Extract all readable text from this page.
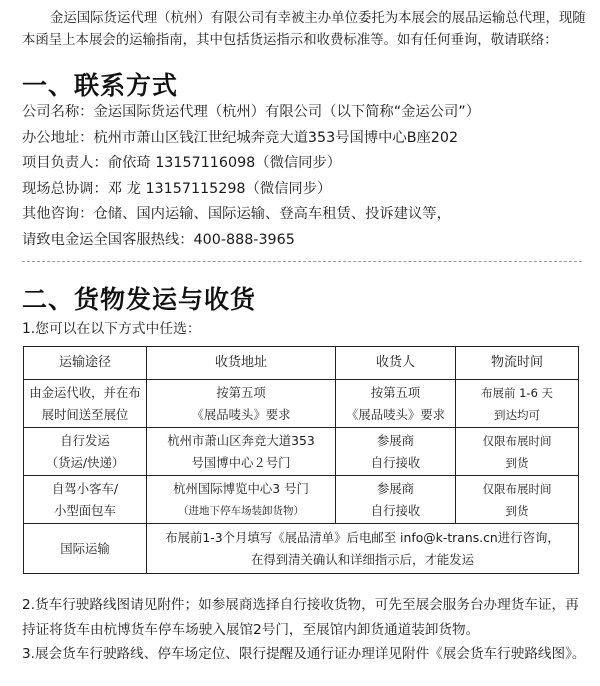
金运国际货运代理（杭州）有限公司有幸被主办单位委托为本展会的展品运输总代理，现随本函呈上本展会的运输指南，其中包括货运指示和收费标准等。如有任何垂询，敬请联络：
一、联系方式
公司名称：金运国际货运代理（杭州）有限公司（以下简称“金运公司”）
办公地址：杭州市萧山区钱江世纪城奔竞大道353号国博中心B座202
项目负责人：俞依琦 13157116098（微信同步）
现场总协调：邓 龙 13157115298（微信同步）
其他咨询：仓储、国内运输、国际运输、登高车租赁、投诉建议等，
请致电金运全国客服热线：400-888-3965
二、货物发运与收货
1.您可以在以下方式中任选：
运输途径	收货地址	收货人	物流时间

由金运代收，并在布
展时间送至展位	按第五项
《展品唛头》要求	按第五项
《展品唛头》要求	布展前 1-6 天
到达均可

自行发运
（货运/快递）	杭州市萧山区奔竞大道353
号国博中心２号门	参展商
自行接收	仅限布展时间
到货

自驾小客车/
小型面包车	杭州国际博览中心3 号门
（进地下停车场装卸货物）	参展商
自行接收	仅限布展时间
到货

国际运输	布展前1-3个月填写《展品清单》后电邮至 info@k-trans.cn进行咨询，
在得到清关确认和详细指示后，才能发运		
2.货车行驶路线图请见附件；如参展商选择自行接收货物，可先至展会服务台办理货车证，再持证将货车由杭博货车停车场驶入展馆2号门，至展馆内卸货通道装卸货物。
3.展会货车行驶路线、停车场定位、限行提醒及通行证办理详见附件《展会货车行驶路线图》。
